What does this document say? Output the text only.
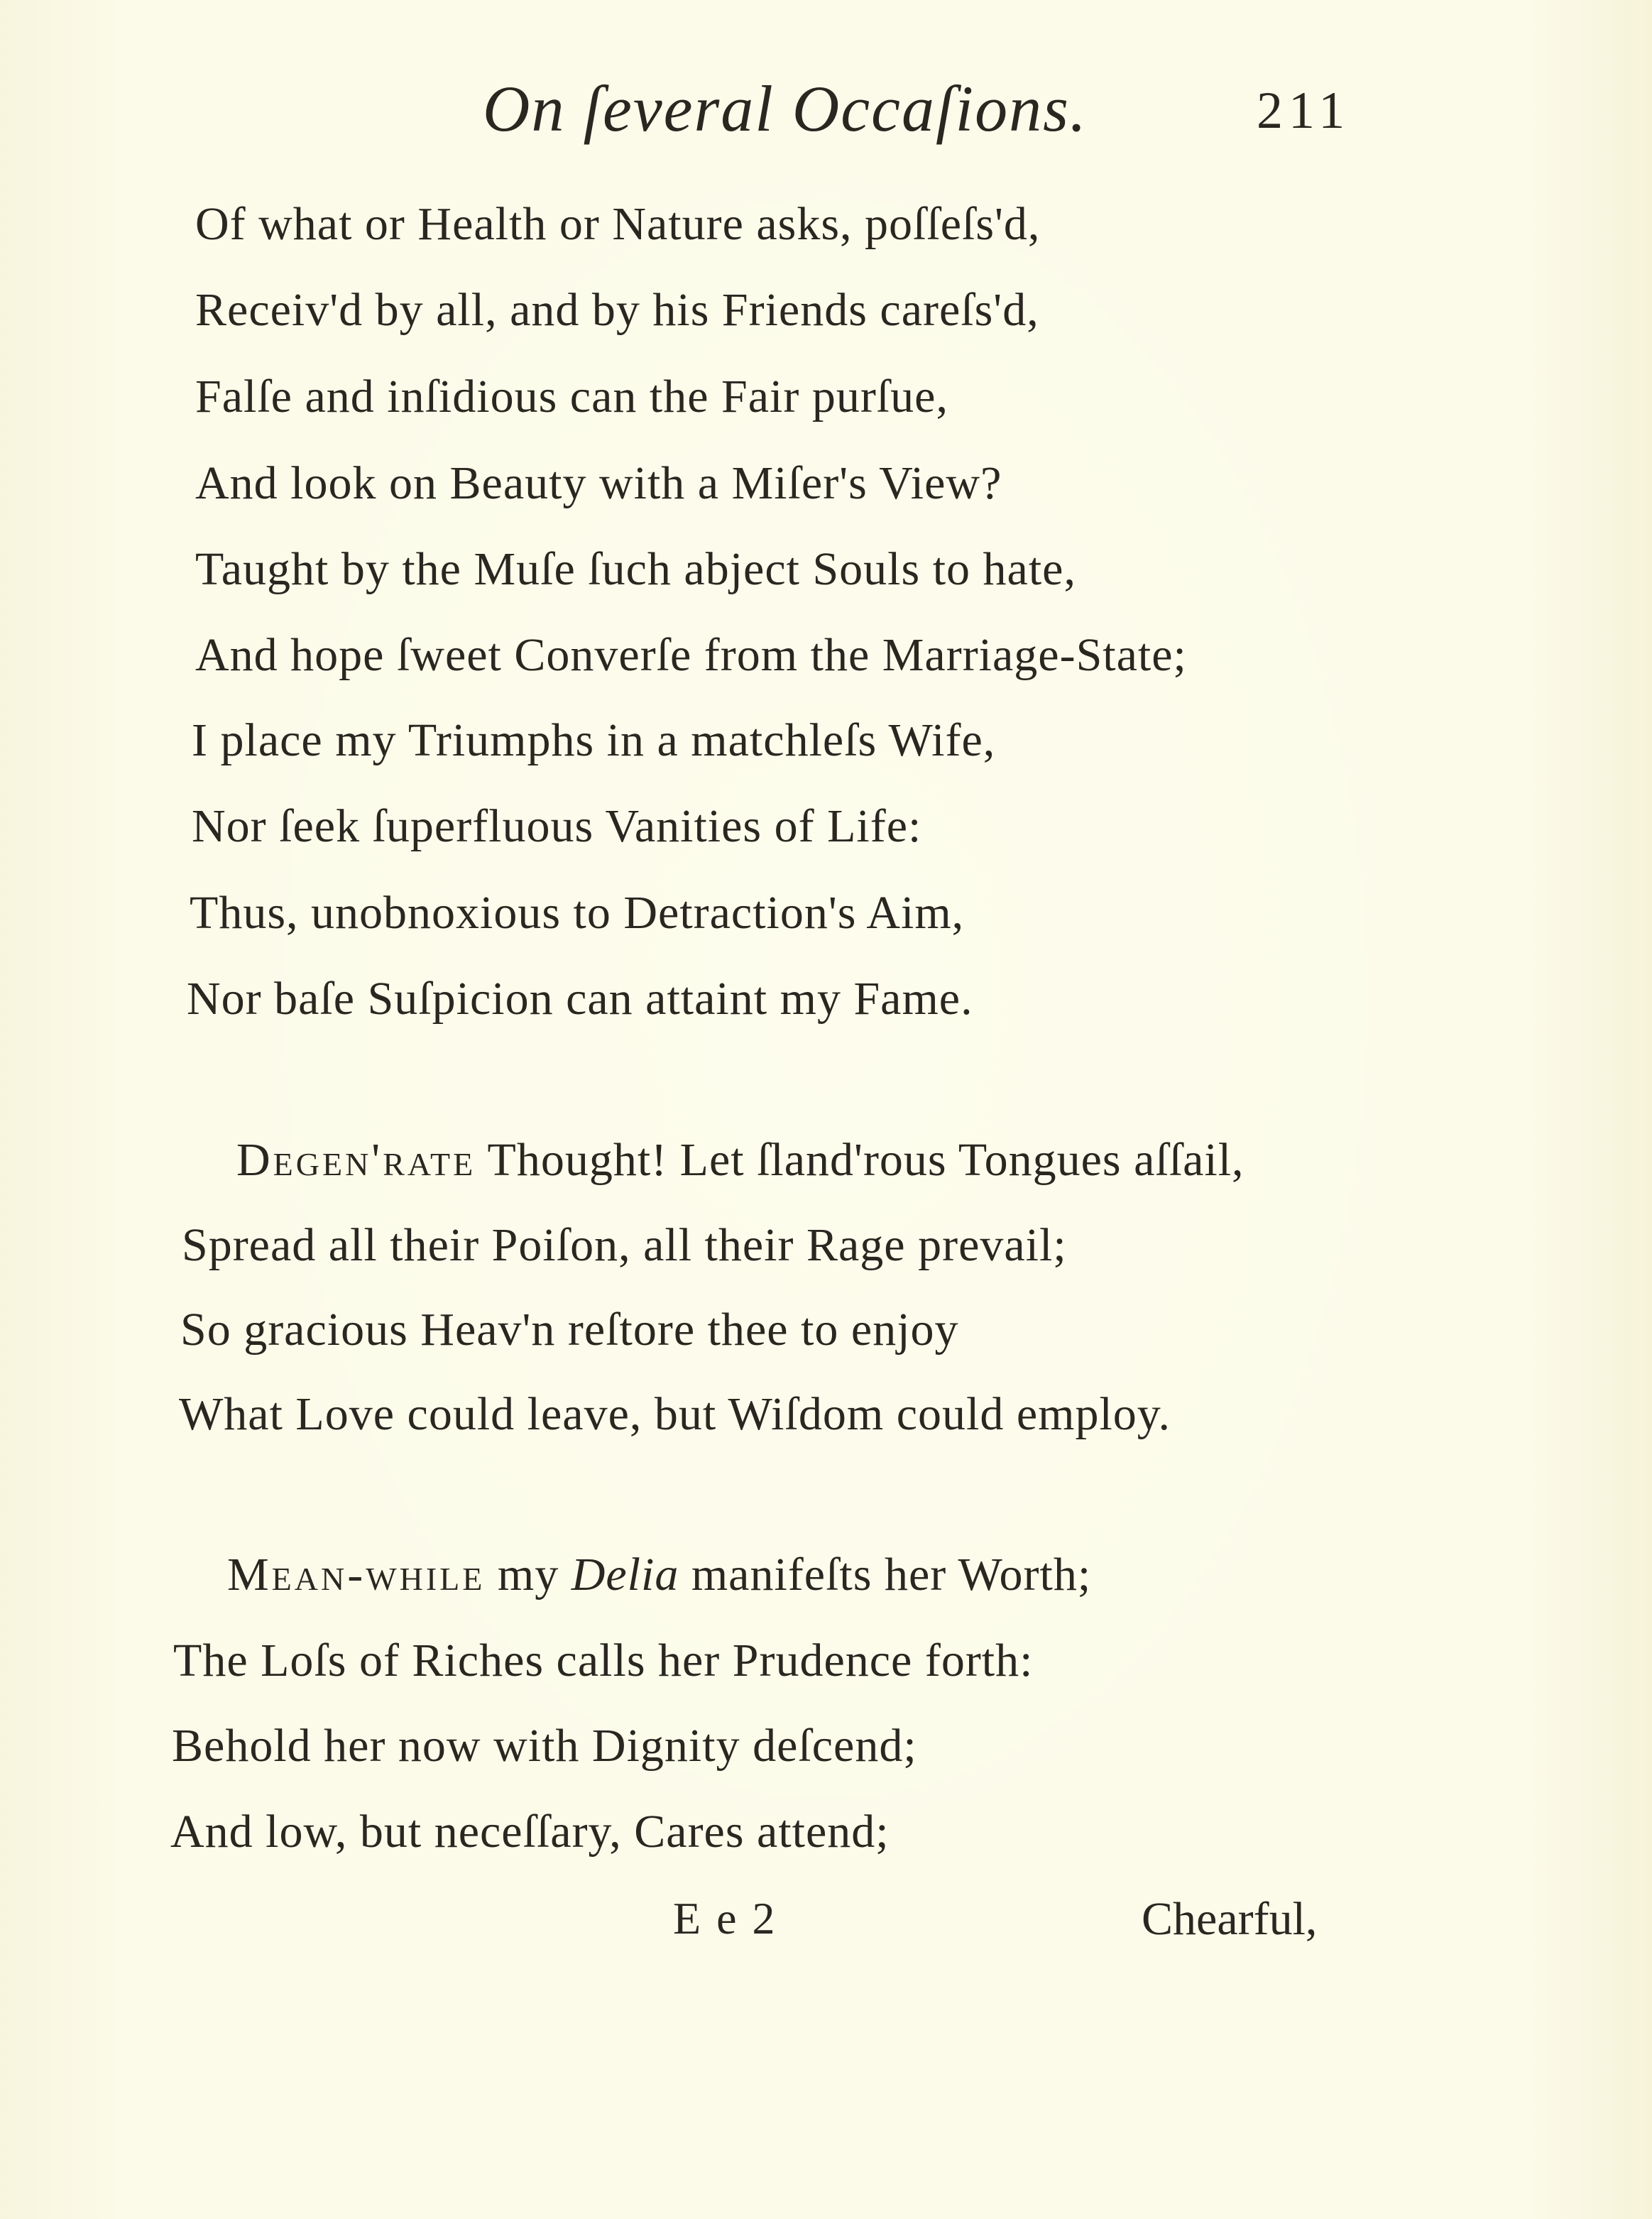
On ſeveral Occaſions.	211
Of what or Health or Nature asks, poſſeſs'd,
Receiv'd by all, and by his Friends careſs'd,
Falſe and inſidious can the Fair purſue,
And look on Beauty with a Miſer's View?
Taught by the Muſe ſuch abject Souls to hate,
And hope ſweet Converſe from the Marriage-State;
I place my Triumphs in a matchleſs Wife,
Nor ſeek ſuperfluous Vanities of Life:
Thus, unobnoxious to Detraction's Aim,
Nor baſe Suſpicion can attaint my Fame.
Degen'rate Thought! Let ſland'rous Tongues aſſail,
Spread all their Poiſon, all their Rage prevail;
So gracious Heav'n reſtore thee to enjoy
What Love could leave, but Wiſdom could employ.
Mean-while my Delia manifeſts her Worth;
The Loſs of Riches calls her Prudence forth:
Behold her now with Dignity deſcend;
And low, but neceſſary, Cares attend;
Ee2	Chearful,
